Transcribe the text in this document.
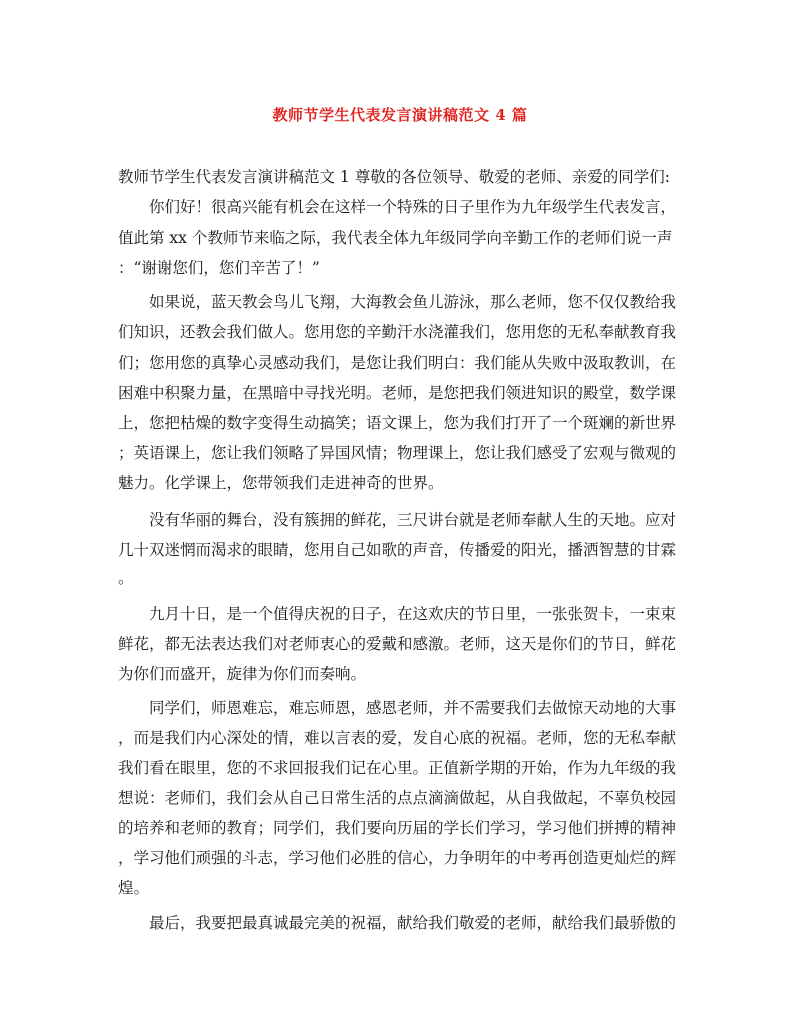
教师节学生代表发言演讲稿范文 4 篇
教师节学生代表发言演讲稿范文 1 尊敬的各位领导、敬爱的老师、亲爱的同学们:
你们好！很高兴能有机会在这样一个特殊的日子里作为九年级学生代表发言，
值此第 xx 个教师节来临之际，我代表全体九年级同学向辛勤工作的老师们说一声
：“谢谢您们，您们辛苦了！”
如果说，蓝天教会鸟儿飞翔，大海教会鱼儿游泳，那么老师，您不仅仅教给我
们知识，还教会我们做人。您用您的辛勤汗水浇灌我们，您用您的无私奉献教育我
们；您用您的真挚心灵感动我们，是您让我们明白：我们能从失败中汲取教训，在
困难中积聚力量，在黑暗中寻找光明。老师，是您把我们领进知识的殿堂，数学课
上，您把枯燥的数字变得生动搞笑；语文课上，您为我们打开了一个斑斓的新世界
；英语课上，您让我们领略了异国风情；物理课上，您让我们感受了宏观与微观的
魅力。化学课上，您带领我们走进神奇的世界。
没有华丽的舞台，没有簇拥的鲜花，三尺讲台就是老师奉献人生的天地。应对
几十双迷惘而渴求的眼睛，您用自己如歌的声音，传播爱的阳光，播洒智慧的甘霖
。
九月十日，是一个值得庆祝的日子，在这欢庆的节日里，一张张贺卡，一束束
鲜花，都无法表达我们对老师衷心的爱戴和感激。老师，这天是你们的节日，鲜花
为你们而盛开，旋律为你们而奏响。
同学们，师恩难忘，难忘师恩，感恩老师，并不需要我们去做惊天动地的大事
，而是我们内心深处的情，难以言表的爱，发自心底的祝福。老师，您的无私奉献
我们看在眼里，您的不求回报我们记在心里。正值新学期的开始，作为九年级的我
想说：老师们，我们会从自己日常生活的点点滴滴做起，从自我做起，不辜负校园
的培养和老师的教育；同学们，我们要向历届的学长们学习，学习他们拼搏的精神
，学习他们顽强的斗志，学习他们必胜的信心，力争明年的中考再创造更灿烂的辉
煌。
最后，我要把最真诚最完美的祝福，献给我们敬爱的老师，献给我们最骄傲的
